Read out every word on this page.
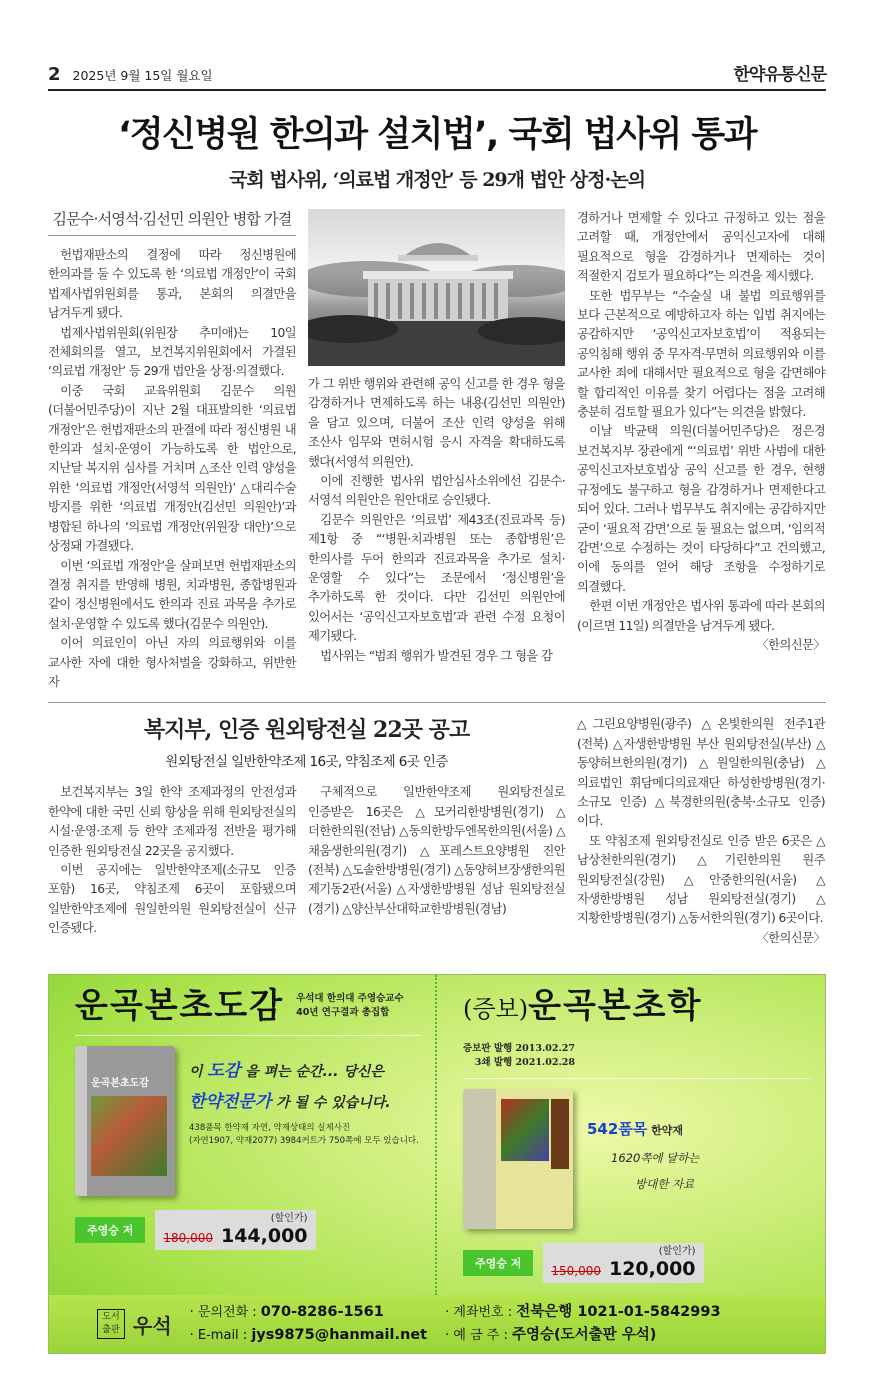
2 2025년 9월 15일 월요일	한약유통신문
‘정신병원 한의과 설치법’, 국회 법사위 통과
국회 법사위, ‘의료법 개정안’ 등 29개 법안 상정·논의
김문수·서영석·김선민 의원안 병합 가결

헌법재판소의 결정에 따라 정신병원에 한의과를 둘 수 있도록 한 ‘의료법 개정안’이 국회 법제사법위원회를 통과, 본회의 의결만을 남겨두게 됐다.

법제사법위원회(위원장 추미애)는 10일 전체회의를 열고, 보건복지위원회에서 가결된 ‘의료법 개정안’ 등 29개 법안을 상정·의결했다.

이중 국회 교육위원회 김문수 의원(더불어민주당)이 지난 2월 대표발의한 ‘의료법 개정안’은 헌법재판소의 판결에 따라 정신병원 내 한의과 설치·운영이 가능하도록 한 법안으로, 지난달 복지위 심사를 거치며 △조산 인력 양성을 위한 ‘의료법 개정안(서영석 의원안)’ △대리수술 방지를 위한 ‘의료법 개정안(김선민 의원안)’과 병합된 하나의 ‘의료법 개정안(위원장 대안)’으로 상정돼 가결됐다.

이번 ‘의료법 개정안’을 살펴보면 헌법재판소의 결정 취지를 반영해 병원, 치과병원, 종합병원과 같이 정신병원에서도 한의과 진료 과목을 추가로 설치·운영할 수 있도록 했다(김문수 의원안).

이어 의료인이 아닌 자의 의료행위와 이를 교사한 자에 대한 형사처벌을 강화하고, 위반한 자

가 그 위반 행위와 관련해 공익 신고를 한 경우 형을 감경하거나 면제하도록 하는 내용(김선민 의원안)을 담고 있으며, 더불어 조산 인력 양성을 위해 조산사 임무와 면허시험 응시 자격을 확대하도록 했다(서영석 의원안).

이에 진행한 법사위 법안심사소위에선 김문수·서영석 의원안은 원안대로 승인됐다.

김문수 의원안은 ‘의료법’ 제43조(진료과목 등) 제1항 중 “‘병원·치과병원 또는 종합병원’은 한의사를 두어 한의과 진료과목을 추가로 설치·운영할 수 있다”는 조문에서 ‘정신병원’을 추가하도록 한 것이다. 다만 김선민 의원안에 있어서는 ‘공익신고자보호법’과 관련 수정 요청이 제기됐다.

법사위는 “범죄 행위가 발견된 경우 그 형을 감

경하거나 면제할 수 있다고 규정하고 있는 점을 고려할 때, 개정안에서 공익신고자에 대해 필요적으로 형을 감경하거나 면제하는 것이 적절한지 검토가 필요하다”는 의견을 제시했다.

또한 법무부는 “수술실 내 불법 의료행위를 보다 근본적으로 예방하고자 하는 입법 취지에는 공감하지만 ‘공익신고자보호법’이 적용되는 공익침해 행위 중 무자격·무면허 의료행위와 이를 교사한 죄에 대해서만 필요적으로 형을 감면해야 할 합리적인 이유를 찾기 어렵다는 점을 고려해 충분히 검토할 필요가 있다”는 의견을 밝혔다.

이날 박균택 의원(더불어민주당)은 정은경 보건복지부 장관에게 “‘의료법’ 위반 사범에 대한 공익신고자보호법상 공익 신고를 한 경우, 현행 규정에도 불구하고 형을 감경하거나 면제한다고 되어 있다. 그러나 법무부도 취지에는 공감하지만 굳이 ‘필요적 감면’으로 둘 필요는 없으며, ‘임의적 감면’으로 수정하는 것이 타당하다”고 건의했고, 이에 동의를 얻어 해당 조항을 수정하기로 의결했다.

한편 이번 개정안은 법사위 통과에 따라 본회의(이르면 11일) 의결만을 남겨두게 됐다.

〈한의신문〉

복지부, 인증 원외탕전실 22곳 공고
원외탕전실 일반한약조제 16곳, 약침조제 6곳 인증

보건복지부는 3일 한약 조제과정의 안전성과 한약에 대한 국민 신뢰 향상을 위해 원외탕전실의 시설·운영·조제 등 한약 조제과정 전반을 평가해 인증한 원외탕전실 22곳을 공지했다.

이번 공지에는 일반한약조제(소규모 인증 포함) 16곳, 약침조제 6곳이 포함됐으며 일반한약조제에 원일한의원 원외탕전실이 신규 인증됐다.

구체적으로 일반한약조제 원외탕전실로 인증받은 16곳은 △모커리한방병원(경기) △더한한의원(전남) △동의한방두엔목한의원(서울) △채움생한의원(경기) △포레스트요양병원 진안(전북) △도솔한방병원(경기) △동양허브장생한의원 제기동2관(서울) △자생한방병원 성남 원외탕전실(경기) △양산부산대학교한방병원(경남)

△그린요양병원(광주) △온빛한의원 전주1관(전북) △자생한방병원 부산 원외탕전실(부산) △동양허브한의원(경기) △원일한의원(충남) △의료법인 휘담메디의료재단 하성한방병원(경기·소규모 인증) △북경한의원(충북·소규모 인증)이다.

또 약침조제 원외탕전실로 인증 받은 6곳은 △남상천한의원(경기) △기린한의원 원주 원외탕전실(강원) △안중한의원(서울) △자생한방병원 성남 원외탕전실(경기) △지황한방병원(경기) △동서한의원(경기) 6곳이다.

〈한의신문〉

운곡본초도감 우석대 한의대 주영승교수
40년 연구결과 총집합
운곡본초도감
이 도감 을 펴는 순간... 당신은
한약전문가 가 될 수 있습니다.
438품목 한약재 자연, 약재상태의 실제사진
(자연1907, 약재2077) 3984커트가 750쪽에 모두 있습니다.
주영승 저
(할인가)
180,000 144,000
(증보)운곡본초학
증보판 발행 2013.02.27
3쇄 발행 2021.02.28
542품목 한약재
1620쪽에 달하는
방대한 자료
주영승 저
(할인가)
150,000 120,000
도서
출판 우석
· 문의전화 : 070-8286-1561
· E-mail : jys9875@hanmail.net
· 계좌번호 : 전북은행 1021-01-5842993
· 예 금 주 : 주영승(도서출판 우석)
